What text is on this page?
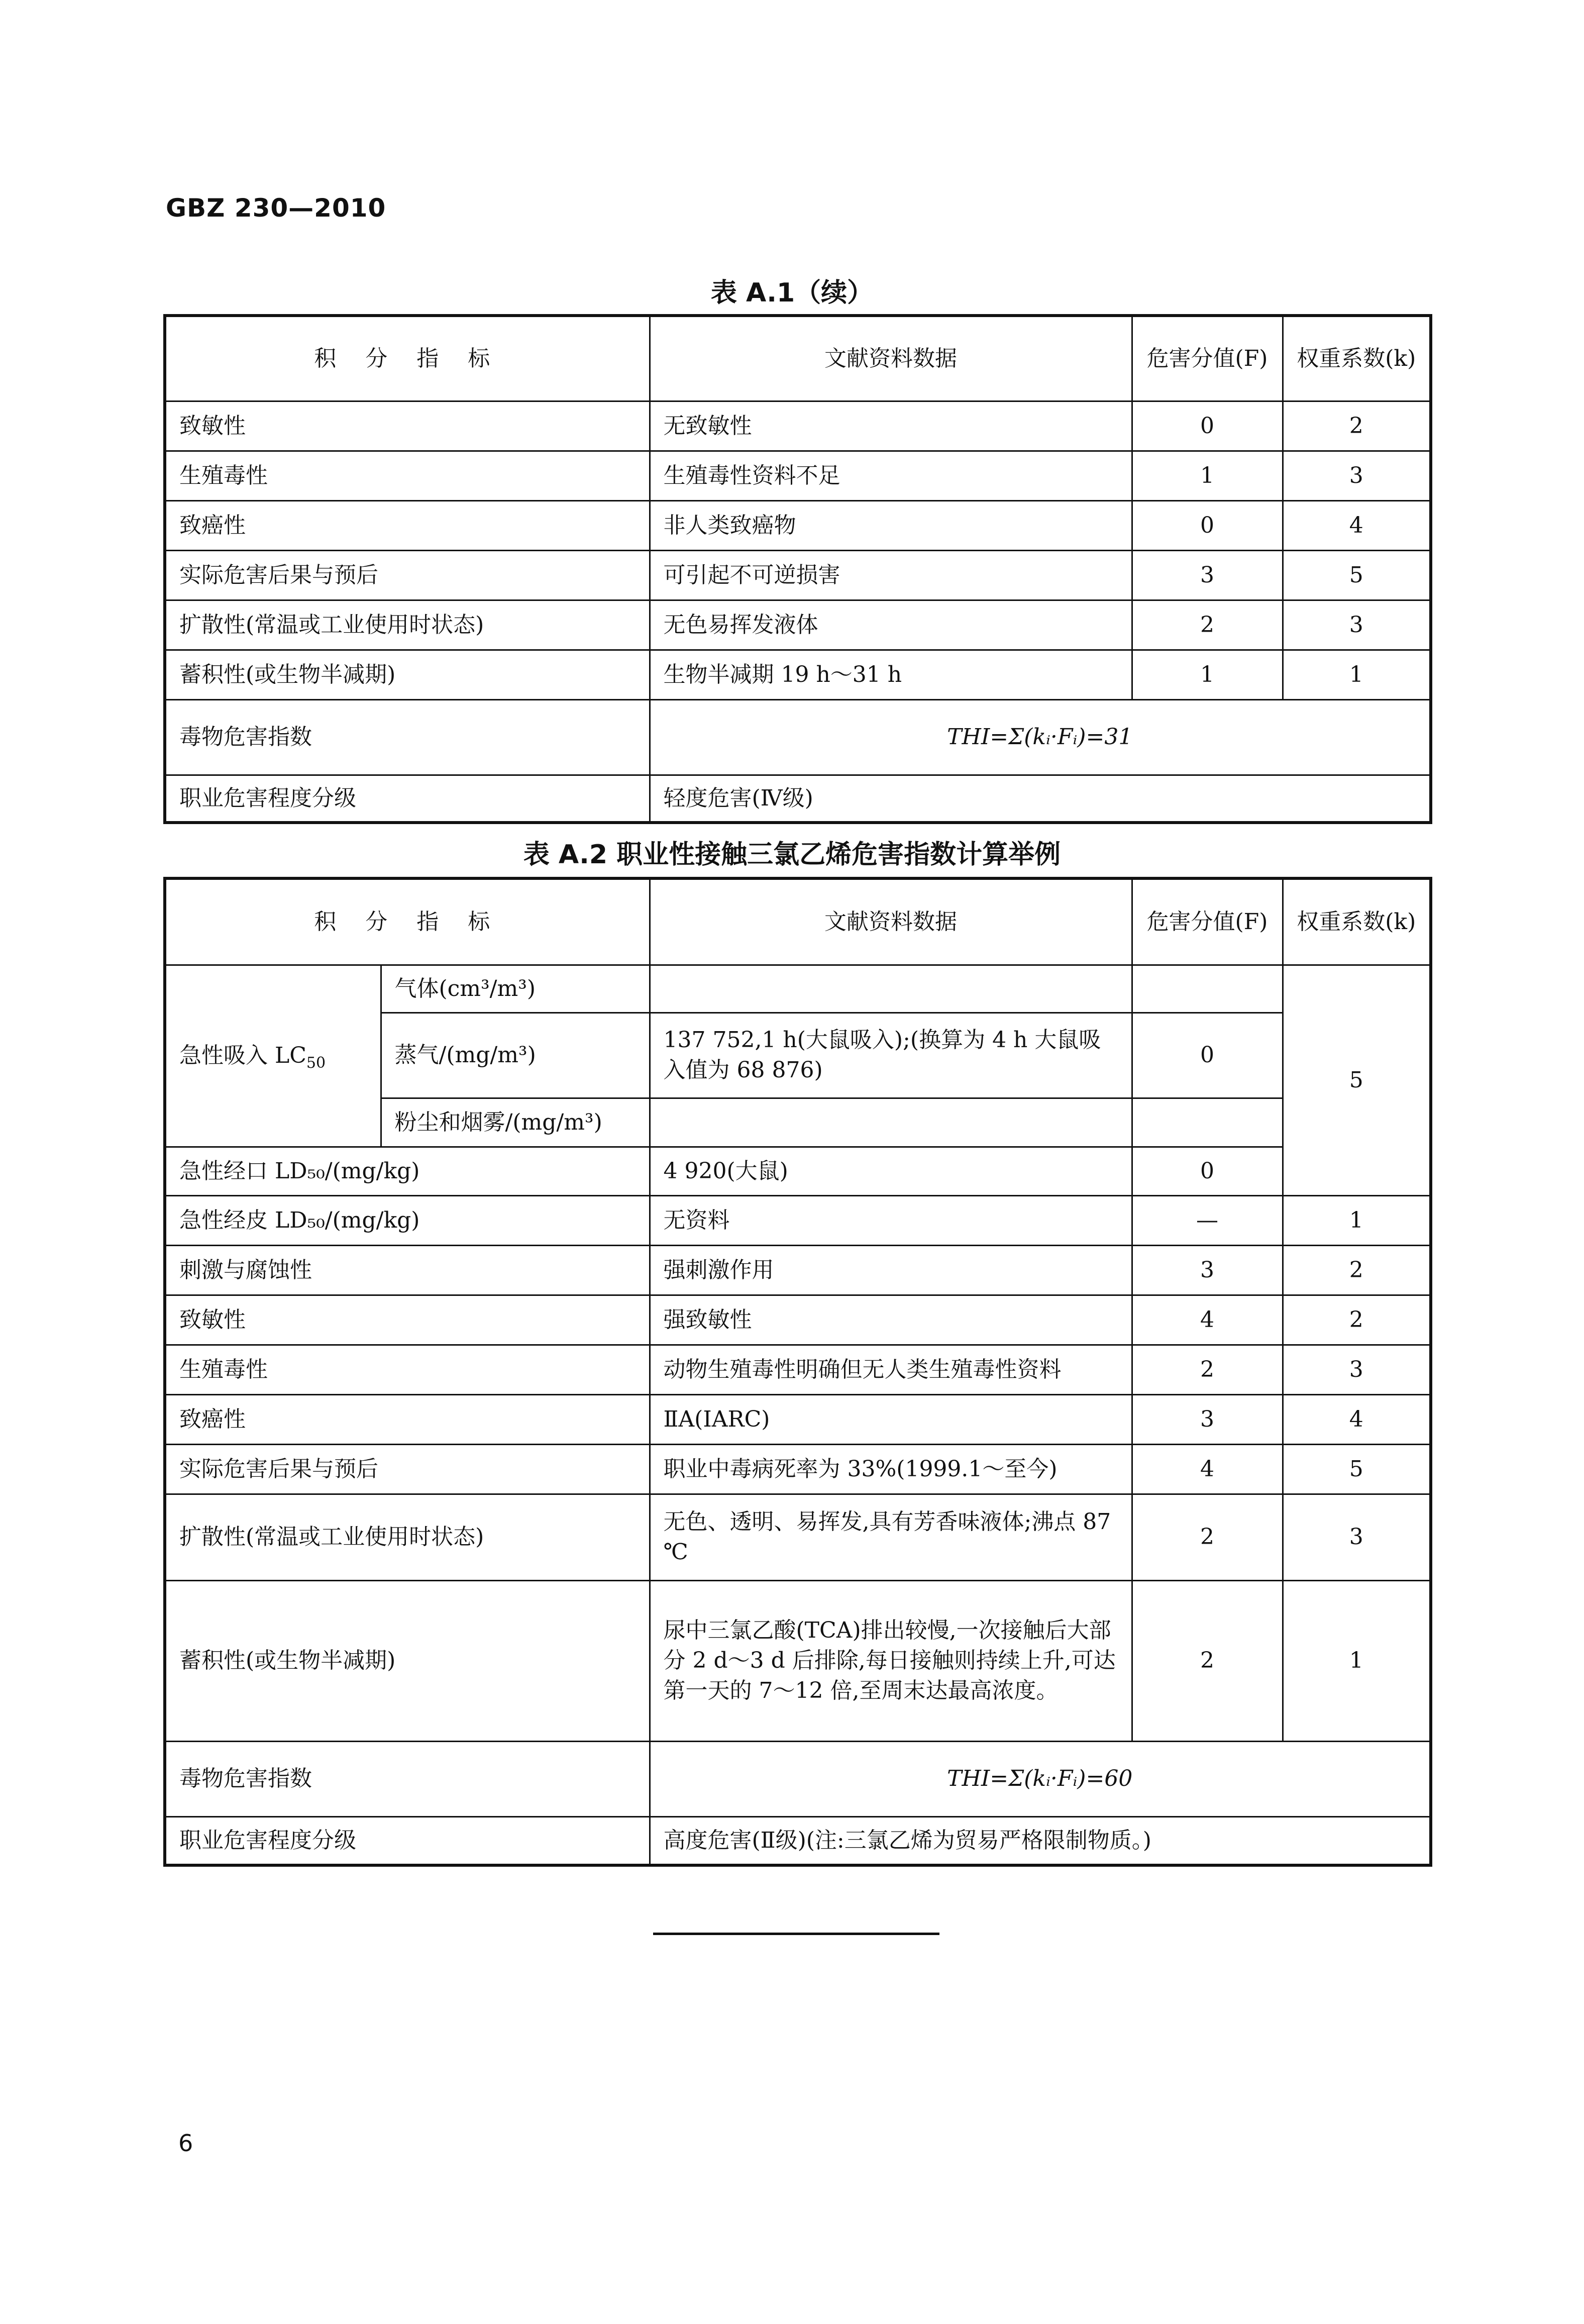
GBZ 230—2010
表 A.1（续）
积 分 指 标	文献资料数据	危害分值(F)	权重系数(k)
致敏性	无致敏性	0	2
生殖毒性	生殖毒性资料不足	1	3
致癌性	非人类致癌物	0	4
实际危害后果与预后	可引起不可逆损害	3	5
扩散性(常温或工业使用时状态)	无色易挥发液体	2	3
蓄积性(或生物半减期)	生物半减期 19 h～31 h	1	1
毒物危害指数	THI=Σ(kᵢ·Fᵢ)=31		
职业危害程度分级	轻度危害(Ⅳ级)		
表 A.2 职业性接触三氯乙烯危害指数计算举例
积 分 指 标		文献资料数据	危害分值(F)	权重系数(k)
急性吸入 $LC_{50}$	气体(cm³/m³)			5
	蒸气/(mg/m³)	137 752,1 h(大鼠吸入);(换算为 4 h 大鼠吸入值为 68 876)	0	
	粉尘和烟雾/(mg/m³)			
急性经口 LD₅₀/(mg/kg)		4 920(大鼠)	0	
急性经皮 LD₅₀/(mg/kg)		无资料	—	1
刺激与腐蚀性		强刺激作用	3	2
致敏性		强致敏性	4	2
生殖毒性		动物生殖毒性明确但无人类生殖毒性资料	2	3
致癌性		ⅡA(IARC)	3	4
实际危害后果与预后		职业中毒病死率为 33%(1999.1～至今)	4	5
扩散性(常温或工业使用时状态)		无色、透明、易挥发,具有芳香味液体;沸点 87 ℃	2	3
蓄积性(或生物半减期)		尿中三氯乙酸(TCA)排出较慢,一次接触后大部分 2 d～3 d 后排除,每日接触则持续上升,可达第一天的 7～12 倍,至周末达最高浓度。	2	1
毒物危害指数		THI=Σ(kᵢ·Fᵢ)=60		
职业危害程度分级		高度危害(Ⅱ级)(注:三氯乙烯为贸易严格限制物质。)		
6
